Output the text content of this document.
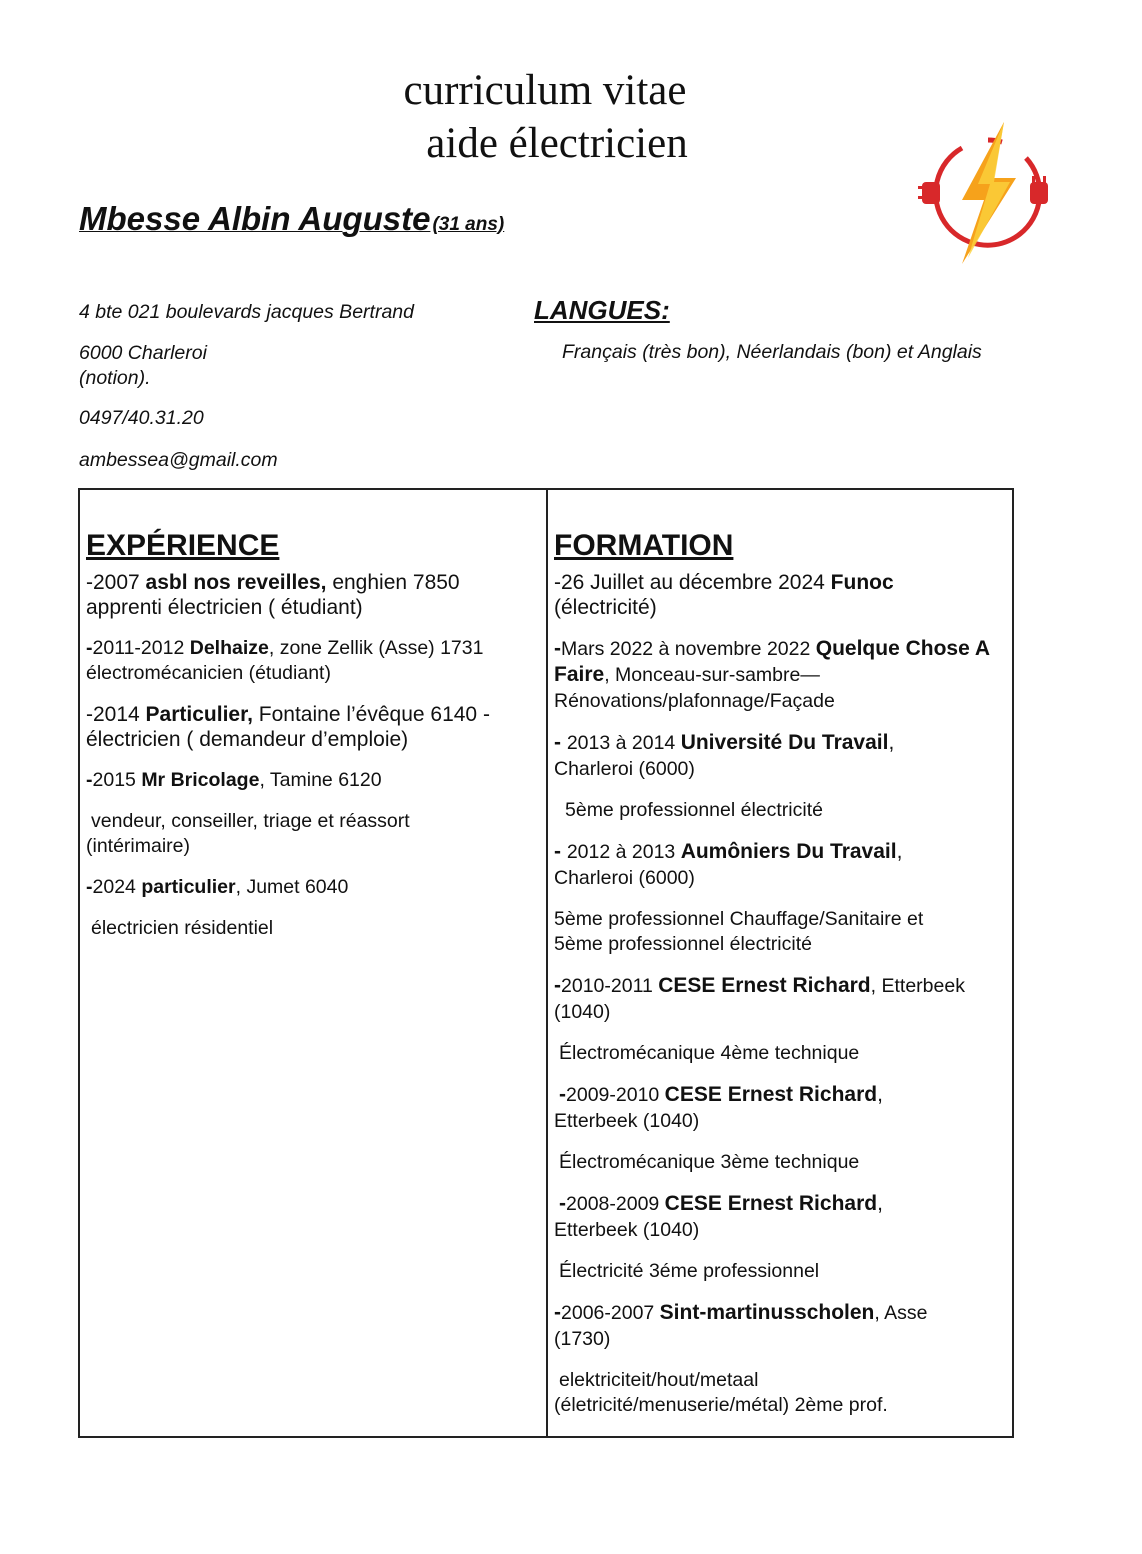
curriculum vitae
aide électricien
Mbesse Albin Auguste (31 ans)
4 bte 021 boulevards jacques Bertrand
6000 Charleroi
(notion).
0497/40.31.20
ambessea@gmail.com
LANGUES:
Français (très bon), Néerlandais (bon) et Anglais
EXPÉRIENCE
-2007 asbl nos reveilles, enghien 7850
apprenti électricien ( étudiant)
-2011-2012 Delhaize, zone Zellik (Asse) 1731
électromécanicien (étudiant)
-2014 Particulier, Fontaine l’évêque 6140 -
électricien ( demandeur d’emploie)
-2015 Mr Bricolage, Tamine 6120
vendeur, conseiller, triage et réassort
(intérimaire)
-2024 particulier, Jumet 6040
électricien résidentiel
FORMATION
-26 Juillet au décembre 2024 Funoc
(électricité)
-Mars 2022 à novembre 2022 Quelque Chose A Faire, Monceau-sur-sambre—
Rénovations/plafonnage/Façade
- 2013 à 2014 Université Du Travail,
Charleroi (6000)
5ème professionnel électricité
- 2012 à 2013 Aumôniers Du Travail,
Charleroi (6000)
5ème professionnel Chauffage/Sanitaire et
5ème professionnel électricité
-2010-2011 CESE Ernest Richard, Etterbeek
(1040)
Électromécanique 4ème technique
-2009-2010 CESE Ernest Richard,
Etterbeek (1040)
Électromécanique 3ème technique
-2008-2009 CESE Ernest Richard,
Etterbeek (1040)
Électricité 3éme professionnel
-2006-2007 Sint-martinusscholen, Asse
(1730)
elektriciteit/hout/metaal
(életricité/menuserie/métal) 2ème prof.
